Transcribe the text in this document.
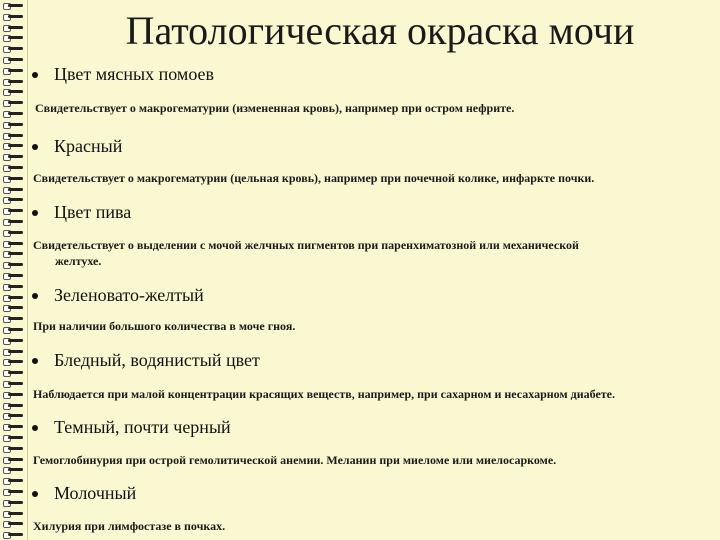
Патологическая окраска мочи
Цвет мясных помоев
Свидетельствует о макрогематурии (измененная кровь), например при остром нефрите.
Красный
Свидетельствует о макрогематурии (цельная кровь), например при почечной колике, инфаркте почки.
Цвет пива
Свидетельствует о выделении с мочой желчных пигментов при паренхиматозной или механической
желтухе.
Зеленовато-желтый
При наличии большого количества в моче гноя.
Бледный, водянистый цвет
Наблюдается при малой концентрации красящих веществ, например, при сахарном и несахарном диабете.
Темный, почти черный
Гемоглобинурия при острой гемолитической анемии. Меланин при миеломе или миелосаркоме.
Молочный
Хилурия при лимфостазе в почках.
